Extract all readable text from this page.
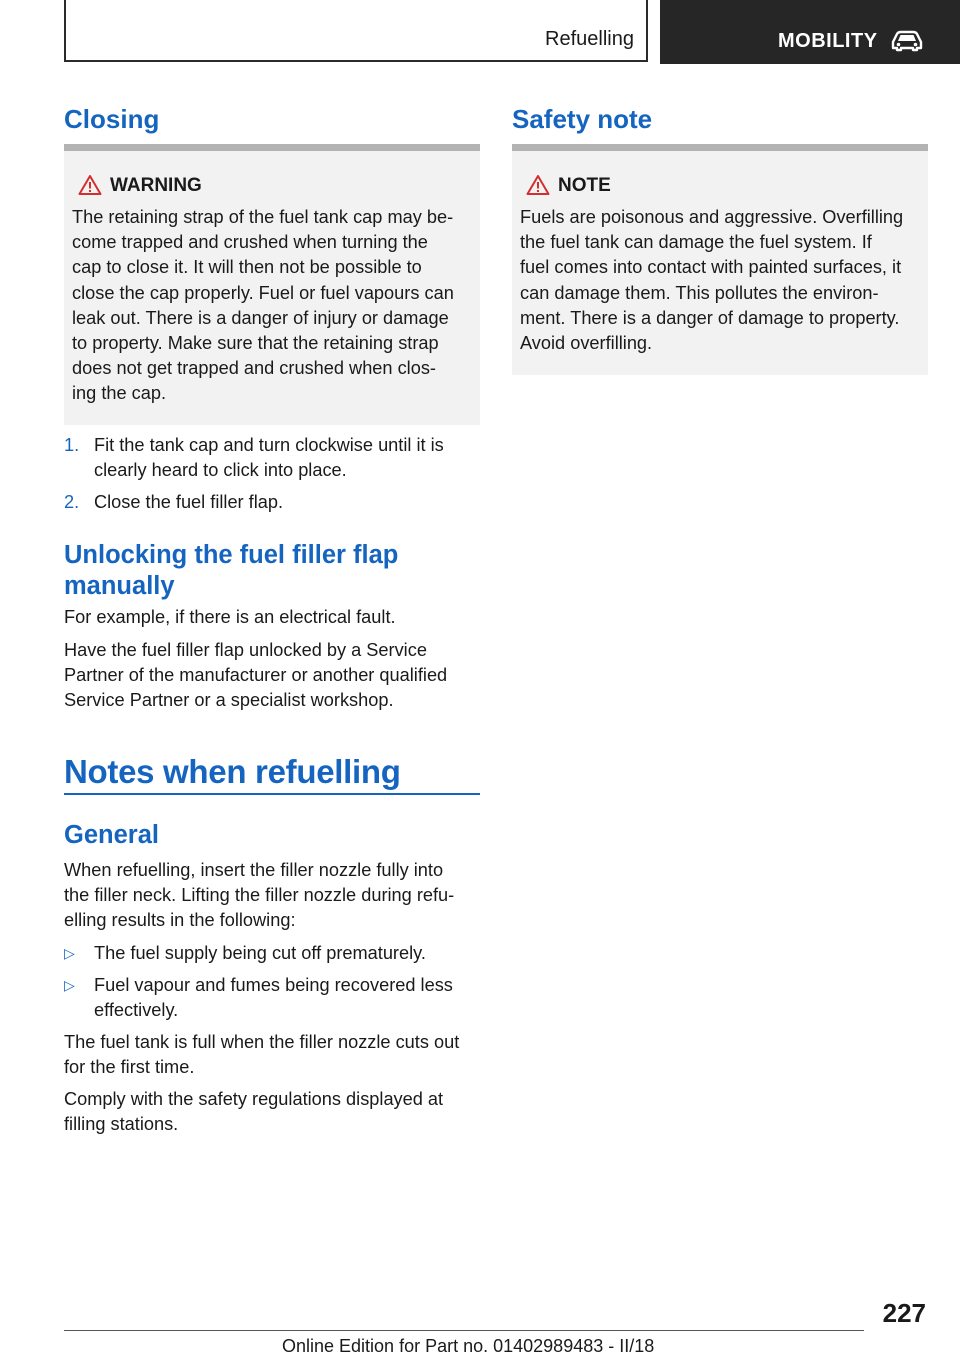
Refuelling	MOBILITY
Closing
WARNING
The retaining strap of the fuel tank cap may be-
come trapped and crushed when turning the
cap to close it. It will then not be possible to
close the cap properly. Fuel or fuel vapours can
leak out. There is a danger of injury or damage
to property. Make sure that the retaining strap
does not get trapped and crushed when clos-
ing the cap.
1. Fit the tank cap and turn clockwise until it is
clearly heard to click into place.
2. Close the fuel filler flap.
Unlocking the fuel filler flap
manually
For example, if there is an electrical fault.
Have the fuel filler flap unlocked by a Service
Partner of the manufacturer or another qualified
Service Partner or a specialist workshop.
Notes when refuelling
General
When refuelling, insert the filler nozzle fully into
the filler neck. Lifting the filler nozzle during refu-
elling results in the following:
▷ The fuel supply being cut off prematurely.
▷ Fuel vapour and fumes being recovered less
effectively.
The fuel tank is full when the filler nozzle cuts out
for the first time.
Comply with the safety regulations displayed at
filling stations.
Safety note
NOTE
Fuels are poisonous and aggressive. Overfilling
the fuel tank can damage the fuel system. If
fuel comes into contact with painted surfaces, it
can damage them. This pollutes the environ-
ment. There is a danger of damage to property.
Avoid overfilling.
227
Online Edition for Part no. 01402989483 - II/18
